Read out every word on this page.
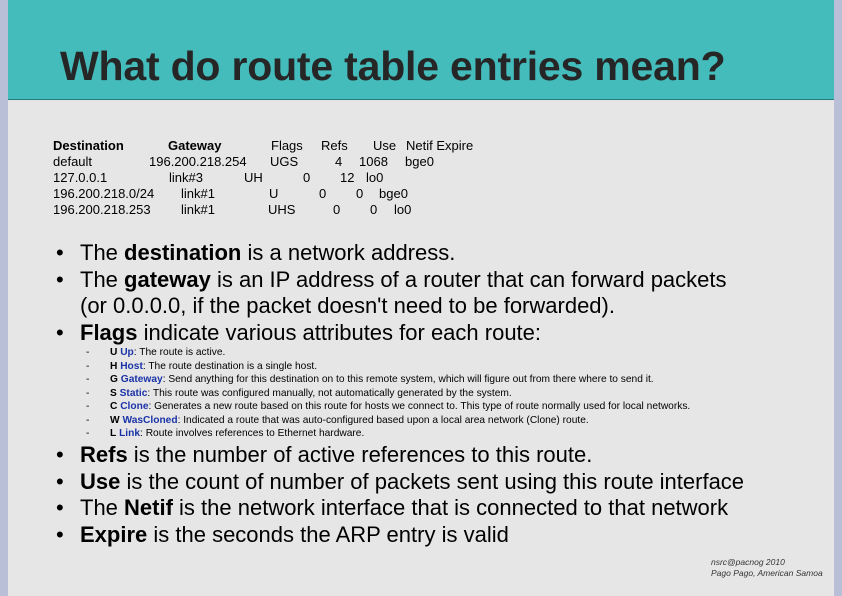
What do route table entries mean?
Destination	Gateway	Flags Refs Use Netif Expire
default	196.200.218.254 UGS	4 1068 bge0
127.0.0.1	link#3	UH	0 12 lo0
196.200.218.0/24 link#1	U	0 0 bge0
196.200.218.253 link#1	UHS	0 0 lo0
• The destination is a network address.
• The gateway is an IP address of a router that can forward packets
(or 0.0.0.0, if the packet doesn't need to be forwarded).
• Flags indicate various attributes for each route:
- U Up: The route is active.
- H Host: The route destination is a single host.
- G Gateway: Send anything for this destination on to this remote system, which will figure out from there where to send it.
- S Static: This route was configured manually, not automatically generated by the system.
- C Clone: Generates a new route based on this route for hosts we connect to. This type of route normally used for local networks.
- W WasCloned: Indicated a route that was auto-configured based upon a local area network (Clone) route.
- L Link: Route involves references to Ethernet hardware.
• Refs is the number of active references to this route.
• Use is the count of number of packets sent using this route interface
• The Netif is the network interface that is connected to that network
• Expire is the seconds the ARP entry is valid
nsrc@pacnog 2010
Pago Pago, American Samoa
